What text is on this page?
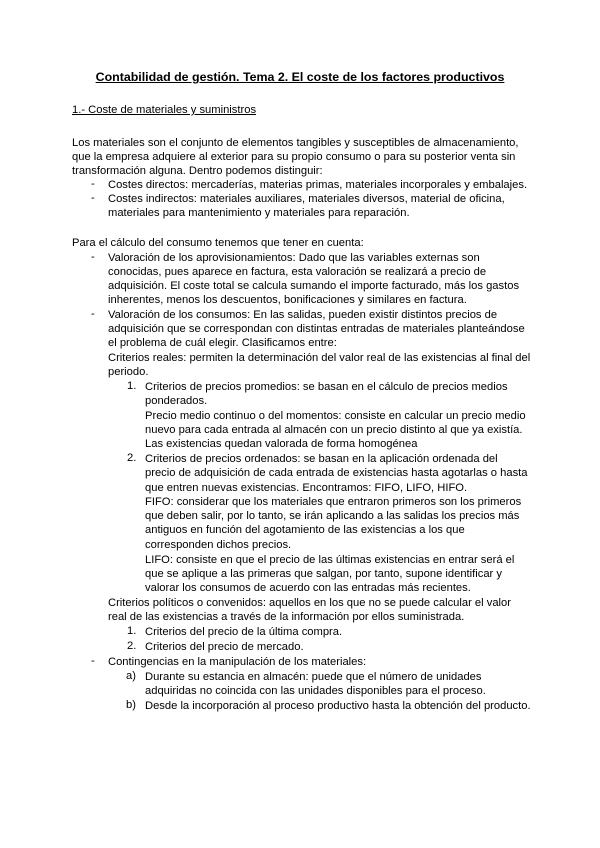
Contabilidad de gestión. Tema 2. El coste de los factores productivos
1.- Coste de materiales y suministros
Los materiales son el conjunto de elementos tangibles y susceptibles de almacenamiento,
que la empresa adquiere al exterior para su propio consumo o para su posterior venta sin
transformación alguna. Dentro podemos distinguir:
- Costes directos: mercaderías, materias primas, materiales incorporales y embalajes.
- Costes indirectos: materiales auxiliares, materiales diversos, material de oficina,
materiales para mantenimiento y materiales para reparación.
Para el cálculo del consumo tenemos que tener en cuenta:
- Valoración de los aprovisionamientos: Dado que las variables externas son
conocidas, pues aparece en factura, esta valoración se realizará a precio de
adquisición. El coste total se calcula sumando el importe facturado, más los gastos
inherentes, menos los descuentos, bonificaciones y similares en factura.
- Valoración de los consumos: En las salidas, pueden existir distintos precios de
adquisición que se correspondan con distintas entradas de materiales planteándose
el problema de cuál elegir. Clasificamos entre:
Criterios reales: permiten la determinación del valor real de las existencias al final del
periodo.
1. Criterios de precios promedios: se basan en el cálculo de precios medios
ponderados.
Precio medio continuo o del momentos: consiste en calcular un precio medio
nuevo para cada entrada al almacén con un precio distinto al que ya existía.
Las existencias quedan valorada de forma homogénea
2. Criterios de precios ordenados: se basan en la aplicación ordenada del
precio de adquisición de cada entrada de existencias hasta agotarlas o hasta
que entren nuevas existencias. Encontramos: FIFO, LIFO, HIFO.
FIFO: considerar que los materiales que entraron primeros son los primeros
que deben salir, por lo tanto, se irán aplicando a las salidas los precios más
antiguos en función del agotamiento de las existencias a los que
corresponden dichos precios.
LIFO: consiste en que el precio de las últimas existencias en entrar será el
que se aplique a las primeras que salgan, por tanto, supone identificar y
valorar los consumos de acuerdo con las entradas más recientes.
Criterios políticos o convenidos: aquellos en los que no se puede calcular el valor
real de las existencias a través de la información por ellos suministrada.
1. Criterios del precio de la última compra.
2. Criterios del precio de mercado.
- Contingencias en la manipulación de los materiales:
a) Durante su estancia en almacén: puede que el número de unidades
adquiridas no coincida con las unidades disponibles para el proceso.
b) Desde la incorporación al proceso productivo hasta la obtención del producto.
